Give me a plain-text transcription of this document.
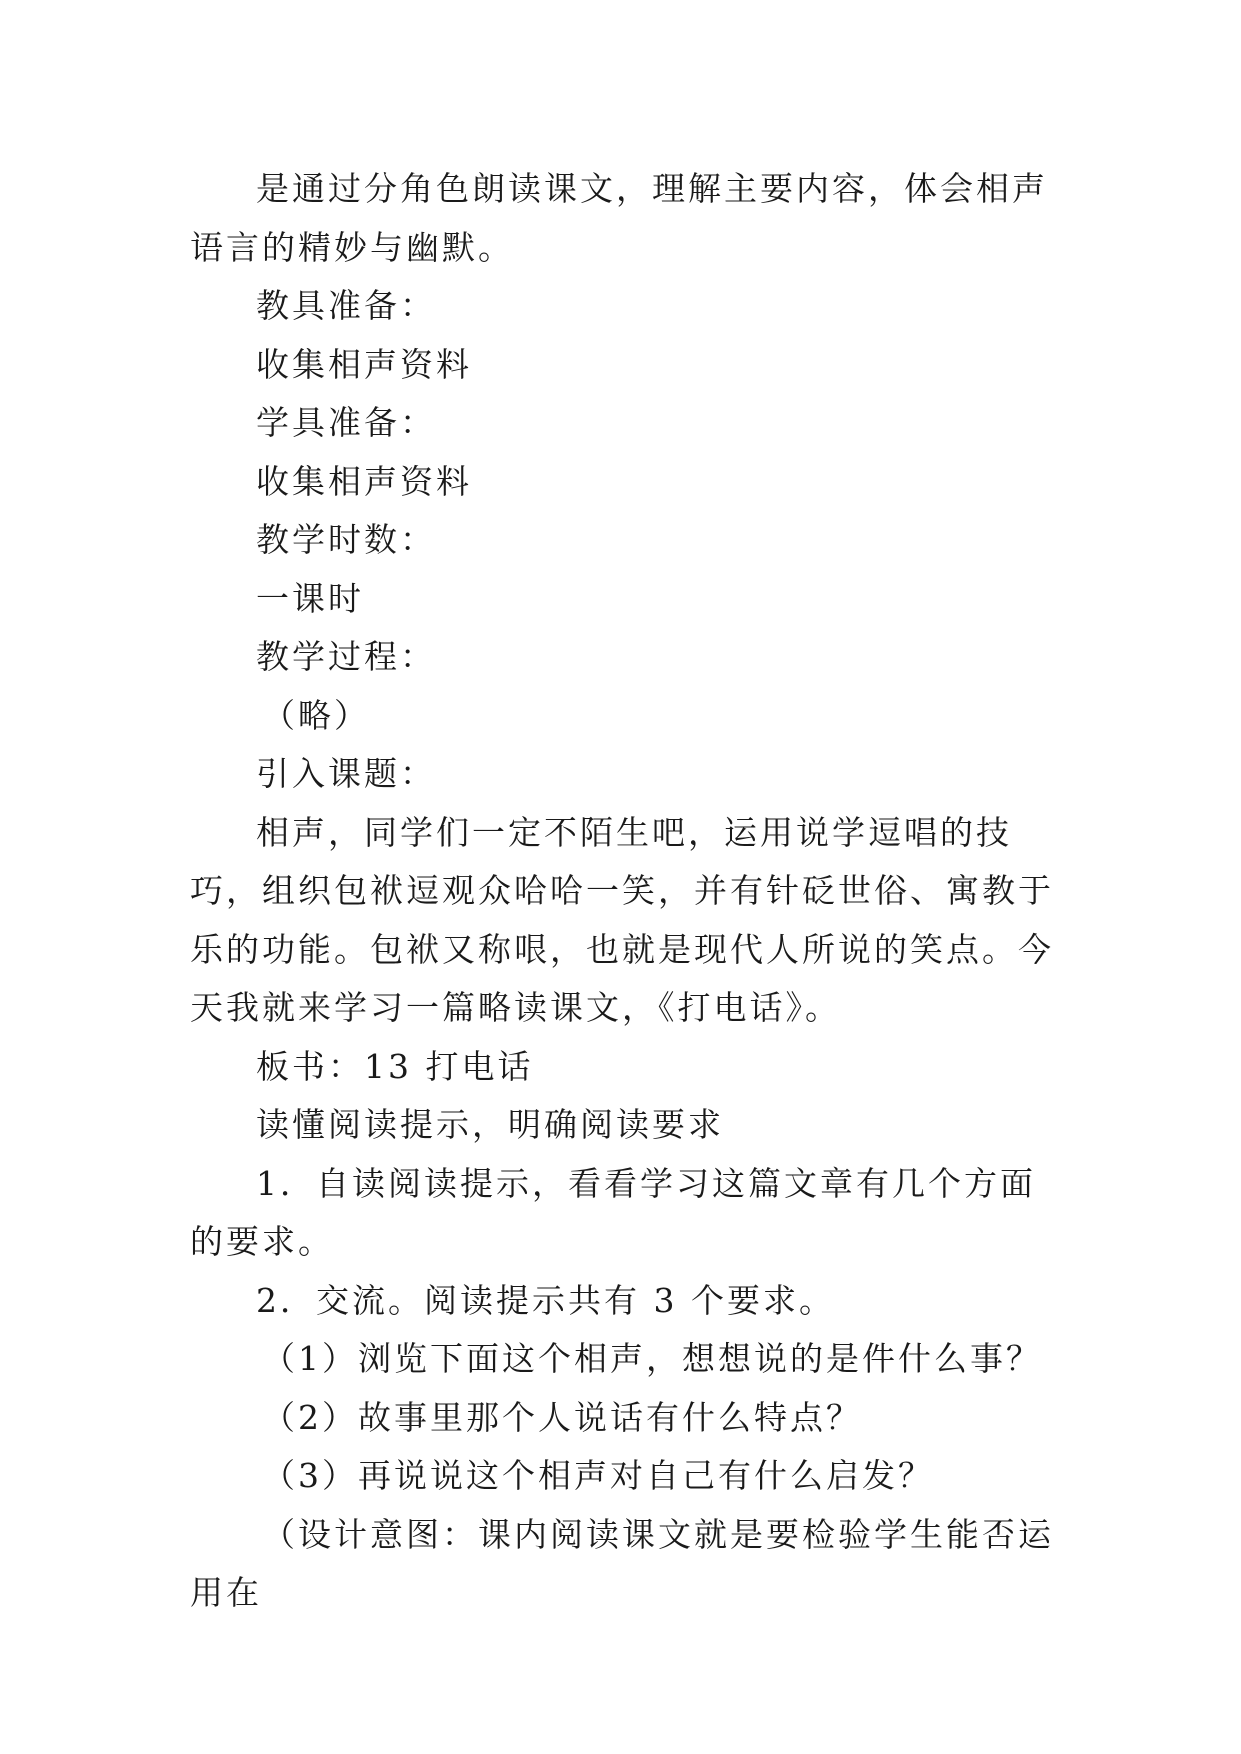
是通过分角色朗读课文，理解主要内容，体会相声语言的精妙与幽默。

教具准备：

收集相声资料

学具准备：

收集相声资料

教学时数：

一课时

教学过程：

（略）

引入课题：

相声，同学们一定不陌生吧，运用说学逗唱的技巧，组织包袱逗观众哈哈一笑，并有针砭世俗、寓教于乐的功能。包袱又称哏，也就是现代人所说的笑点。今天我就来学习一篇略读课文，《打电话》。

板书：13 打电话

读懂阅读提示，明确阅读要求

1．自读阅读提示，看看学习这篇文章有几个方面的要求。

2．交流。阅读提示共有 3 个要求。

（1）浏览下面这个相声，想想说的是件什么事？

（2）故事里那个人说话有什么特点？

（3）再说说这个相声对自己有什么启发？

（设计意图：课内阅读课文就是要检验学生能否运用在
